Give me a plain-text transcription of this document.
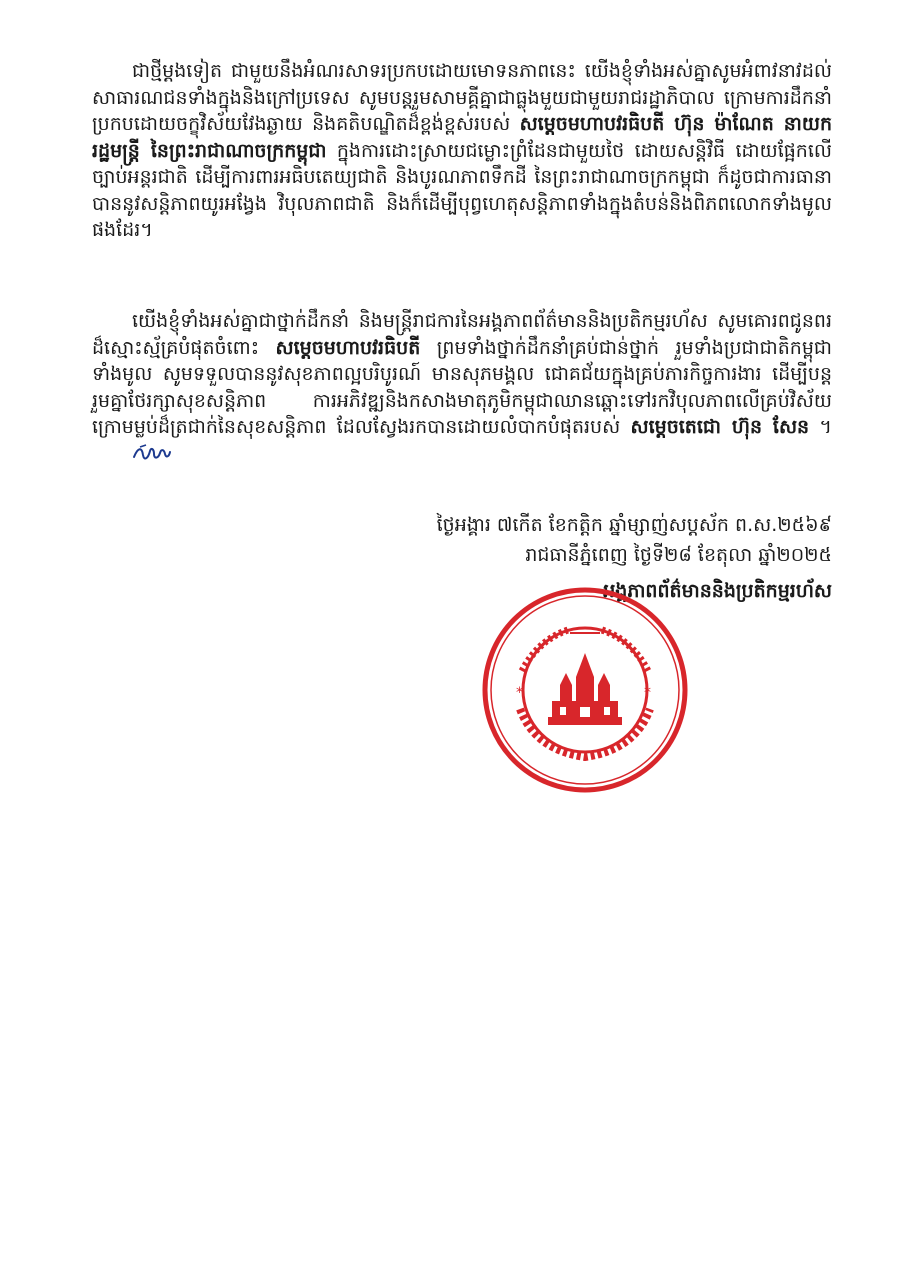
ជាថ្មីម្តងទៀត ជាមួយនឹងអំណរសាទរប្រកបដោយមោទនភាពនេះ យើងខ្ញុំទាំងអស់គ្នាសូមអំពាវនាវដល់សាធារណជនទាំងក្នុងនិងក្រៅប្រទេស សូមបន្តរួមសាមគ្គីគ្នាជាធ្លុងមួយជាមួយរាជរដ្ឋាភិបាល ក្រោមការដឹកនាំប្រកបដោយចក្ខុវិស័យវែងឆ្ងាយ និងគតិបណ្ឌិតដ៏ខ្ពង់ខ្ពស់របស់ សម្តេចមហាបវរធិបតី ហ៊ុន ម៉ាណែត នាយករដ្ឋមន្ត្រី នៃព្រះរាជាណាចក្រកម្ពុជា ក្នុងការដោះស្រាយជម្លោះព្រំដែនជាមួយថៃ ដោយសន្តិវិធី ដោយផ្អែកលើច្បាប់អន្តរជាតិ ដើម្បីការពារអធិបតេយ្យជាតិ និងបូរណភាពទឹកដី នៃព្រះរាជាណាចក្រកម្ពុជា ក៏ដូចជាការធានាបាននូវសន្តិភាពយូរអង្វែង វិបុលភាពជាតិ និងក៏ដើម្បីបុព្វហេតុសន្តិភាពទាំងក្នុងតំបន់និងពិភពលោកទាំងមូលផងដែរ។

យើងខ្ញុំទាំងអស់គ្នាជាថ្នាក់ដឹកនាំ និងមន្ត្រីរាជការនៃអង្គភាពព័ត៌មាននិងប្រតិកម្មរហ័ស សូមគោរពជូនពរដ៏ស្មោះស្ម័គ្របំផុតចំពោះ សម្តេចមហាបវរធិបតី ព្រមទាំងថ្នាក់ដឹកនាំគ្រប់ជាន់ថ្នាក់ រួមទាំងប្រជាជាតិកម្ពុជាទាំងមូល សូមទទួលបាននូវសុខភាពល្អបរិបូរណ៍ មានសុភមង្គល ជោគជ័យក្នុងគ្រប់ភារកិច្ចការងារ ដើម្បីបន្តរួមគ្នាថែរក្សាសុខសន្តិភាព ការអភិវឌ្ឍនិងកសាងមាតុភូមិកម្ពុជាឈានឆ្ពោះទៅរកវិបុលភាពលើគ្រប់វិស័យ ក្រោមម្លប់ដ៏ត្រជាក់នៃសុខសន្តិភាព ដែលស្វែងរកបានដោយលំបាកបំផុតរបស់ សម្តេចតេជោ ហ៊ុន សែន ។

ថ្ងៃអង្គារ ៧កើត ខែកត្តិក ឆ្នាំម្សាញ់សប្តស័ក ព.ស.២៥៦៩

រាជធានីភ្នំពេញ ថ្ងៃទី២៨ ខែតុលា ឆ្នាំ២០២៥

អង្គភាពព័ត៌មាននិងប្រតិកម្មរហ័ស

*	*
